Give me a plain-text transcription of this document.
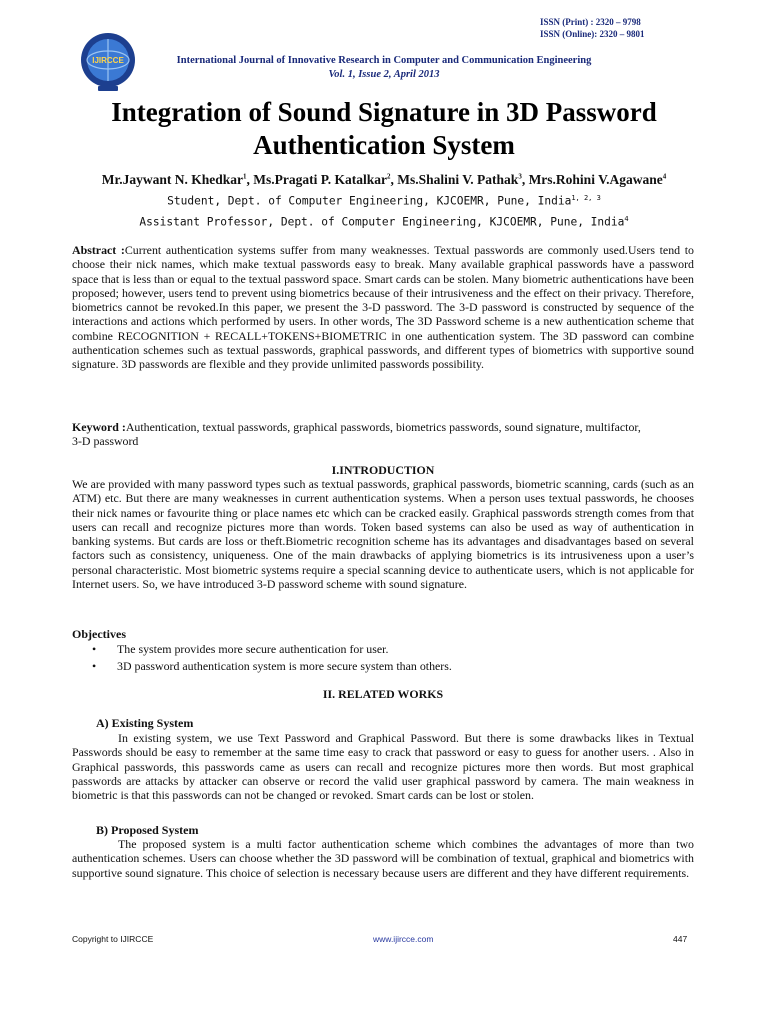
ISSN (Print) : 2320 – 9798
ISSN (Online): 2320 – 9801
IJIRCCE	International Journal of Innovative Research in Computer and Communication Engineering
Vol. 1, Issue 2, April 2013
Integration of Sound Signature in 3D Password
Authentication System
Mr.Jaywant N. Khedkar$^1$, Ms.Pragati P. Katalkar$^2$, Ms.Shalini V. Pathak$^3$, Mrs.Rohini V.Agawane$^4$
Student, Dept. of Computer Engineering, KJCOEMR, Pune, India$^{1, 2, 3}$
Assistant Professor, Dept. of Computer Engineering, KJCOEMR, Pune, India$^4$
Abstract :Current authentication systems suffer from many weaknesses. Textual passwords are commonly used.Users tend to choose their nick names, which make textual passwords easy to break. Many available graphical passwords have a password space that is less than or equal to the textual password space. Smart cards can be stolen. Many biometric authentications have been proposed; however, users tend to prevent using biometrics because of their intrusiveness and the effect on their privacy. Therefore, biometrics cannot be revoked.In this paper, we present the 3-D password. The 3-D password is constructed by sequence of the interactions and actions which performed by users. In other words, The 3D Password scheme is a new authentication scheme that combine RECOGNITION + RECALL+TOKENS+BIOMETRIC in one authentication system. The 3D password can combine authentication schemes such as textual passwords, graphical passwords, and different types of biometrics with supportive sound signature. 3D passwords are flexible and they provide unlimited passwords possibility.
Keyword :Authentication, textual passwords, graphical passwords, biometrics passwords, sound signature, multifactor,
3-D password
I.INTRODUCTION
We are provided with many password types such as textual passwords, graphical passwords, biometric scanning, cards (such as an ATM) etc. But there are many weaknesses in current authentication systems. When a person uses textual passwords, he chooses their nick names or favourite thing or place names etc which can be cracked easily. Graphical passwords strength comes from that users can recall and recognize pictures more than words. Token based systems can also be used as way of authentication in banking systems. But cards are loss or theft.Biometric recognition scheme has its advantages and disadvantages based on several factors such as consistency, uniqueness. One of the main drawbacks of applying biometrics is its intrusiveness upon a user’s personal characteristic. Most biometric systems require a special scanning device to authenticate users, which is not applicable for Internet users. So, we have introduced 3-D password scheme with sound signature.
Objectives
• The system provides more secure authentication for user.
• 3D password authentication system is more secure system than others.
II. RELATED WORKS
A) Existing System
In existing system, we use Text Password and Graphical Password. But there is some drawbacks likes in Textual Passwords should be easy to remember at the same time easy to crack that password or easy to guess for another users. . Also in Graphical passwords, this passwords came as users can recall and recognize pictures more then words. But most graphical passwords are attacks by attacker can observe or record the valid user graphical password by camera. The main weakness in biometric is that this passwords can not be changed or revoked. Smart cards can be lost or stolen.
B) Proposed System
The proposed system is a multi factor authentication scheme which combines the advantages of more than two authentication schemes. Users can choose whether the 3D password will be combination of textual, graphical and biometrics with supportive sound signature. This choice of selection is necessary because users are different and they have different requirements.
Copyright to IJIRCCE	www.ijircce.com	447
